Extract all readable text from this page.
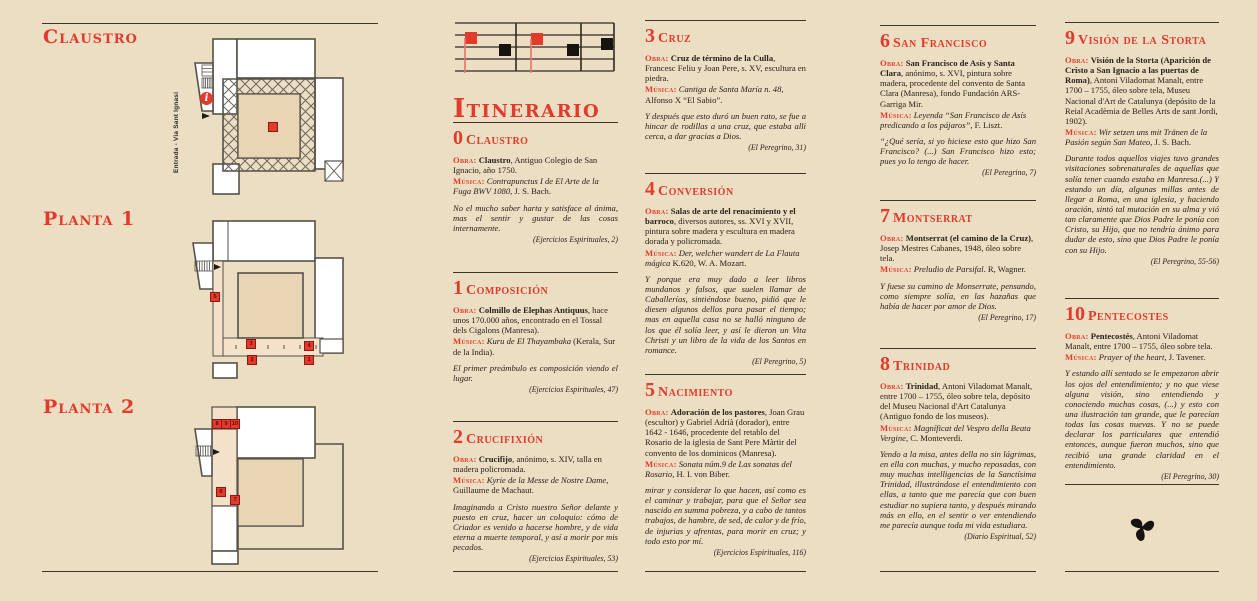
Claustro
i
Entrada - Via Sant Ignasi
Planta 1
Planta 2
5
3	4
2	1
8	9 10
6
7
Itinerario
0 Claustro

Obra: Claustro, Antiguo Colegio de San Ignacio, año 1750.

Música: Contrapunctus I de El Arte de la Fuga BWV 1080, J. S. Bach.

No el mucho saber harta y satisface al ánima, mas el sentir y gustar de las cosas internamente.

(Ejercicios Espirituales, 2)

1 Composición

Obra: Colmillo de Elephas Antiquus, hace unos 170.000 años, encontrado en el Tossal dels Cigalons (Manresa).

Música: Kuru de El Thayambaka (Kerala, Sur de la India).

El primer preámbulo es composición viendo el lugar.

(Ejercicios Espirituales, 47)

2 Crucifixión

Obra: Crucifijo, anónimo, s. XIV, talla en madera policromada.

Música: Kyrie de la Messe de Nostre Dame, Guillaume de Machaut.

Imaginando a Cristo nuestro Señor delante y puesto en cruz, hacer un coloquio: cómo de Criador es venido a hacerse hombre, y de vida eterna a muerte temporal, y así a morir por mis pecados.

(Ejercicios Espirituales, 53)

3 Cruz

Obra: Cruz de término de la Culla, Francesc Feliu y Joan Pere, s. XV, escultura en piedra.

Música: Cantiga de Santa María n. 48, Alfonso X “El Sabio”.

Y después que esto duró un buen rato, se fue a hincar de rodillas a una cruz, que estaba allí cerca, a dar gracias a Dios.

(El Peregrino, 31)

4 Conversión

Obra: Salas de arte del renacimiento y el barroco, diversos autores, ss. XVI y XVII, pintura sobre madera y escultura en madera dorada y policromada.

Música: Der, welcher wandert de La Flauta mágica K.620, W. A. Mozart.

Y porque era muy dado a leer libros mundanos y falsos, que suelen llamar de Caballerías, sintiéndose bueno, pidió que le diesen algunos dellos para pasar el tiempo; mas en aquella casa no se halló ninguno de los que él solía leer, y así le dieron un Vita Christi y un libro de la vida de los Santos en romance.

(El Peregrino, 5)

5 Nacimiento

Obra: Adoración de los pastores, Joan Grau (escultor) y Gabriel Adrià (dorador), entre 1642 - 1646, procedente del retablo del Rosario de la iglesia de Sant Pere Màrtir del convento de los dominicos (Manresa).

Música: Sonata núm.9 de Las sonatas del Rosario, H. I. von Biber.

mirar y considerar lo que hacen, así como es el caminar y trabajar, para que el Señor sea nascido en summa pobreza, y a cabo de tantos trabajos, de hambre, de sed, de calor y de frío, de injurias y afrentas, para morir en cruz; y todo esto por mí.

(Ejercicios Espirituales, 116)

6 San Francisco

Obra: San Francisco de Asís y Santa Clara, anónimo, s. XVI, pintura sobre madera, procedente del convento de Santa Clara (Manresa), fondo Fundación ARS-Garriga Mir.

Música: Leyenda “San Francisco de Asís predicando a los pájaros”, F. Liszt.

“¿Qué sería, si yo hiciese esto que hizo San Francisco? (...) San Francisco hizo esto; pues yo lo tengo de hacer.

(El Peregrino, 7)

7 Montserrat

Obra: Montserrat (el camino de la Cruz), Josep Mestres Cabanes, 1948, óleo sobre tela.

Música: Preludio de Parsifal. R, Wagner.

Y fuese su camino de Monserrate, pensando, como siempre solía, en las hazañas que había de hacer por amor de Dios.

(El Peregrino, 17)

8 Trinidad

Obra: Trinidad, Antoni Viladomat Manalt, entre 1700 – 1755, óleo sobre tela, depósito del Museu Nacional d'Art Catalunya (Antiguo fondo de los museos).

Música: Magníficat del Vespro della Beata Vergine, C. Monteverdi.

Yendo a la misa, antes della no sin lágrimas, en ella con muchas, y mucho reposadas, con muy muchas intelligencias de la Sanctísima Trinidad, illustrándose el entendimiento con ellas, a tanto que me parecía que con buen estudiar no supiera tanto, y después mirando más en ello, en el sentir o ver entendiendo me parecía aunque toda mi vida estudiara.

(Diario Espiritual, 52)

9 Visión de la Storta

Obra: Visión de la Storta (Aparición de Cristo a San Ignacio a las puertas de Roma), Antoni Viladomat Manalt, entre 1700 – 1755, óleo sobre tela, Museu Nacional d'Art de Catalunya (depósito de la Reial Acadèmia de Belles Arts de sant Jordi, 1902).

Música: Wir setzen uns mit Tränen de la Pasión según San Mateo, J. S. Bach.

Durante todos aquellos viajes tuvo grandes visitaciones sobrenaturales de aquellas que solía tener cuando estaba en Manresa.(...) Y estando un día, algunas millas antes de llegar a Roma, en una iglesia, y haciendo oración, sintó tal mutación en su alma y vió tan claramente que Dios Padre le ponía con Cristo, su Hijo, que no tendría ánimo para dudar de esto, sino que Dios Padre le ponía con su Hijo.

(El Peregrino, 55-56)

10 Pentecostes

Obra: Pentecostés, Antoni Viladomat Manalt, entre 1700 – 1755, óleo sobre tela.

Música: Prayer of the heart, J. Tavener.

Y estando allí sentado se le empezaron abrir los ojos del entendimiento; y no que viese alguna visión, sino entendiendo y conociendo muchas cosas, (...) y esto con una ilustración tan grande, que le parecían todas las cosas nuevas. Y no se puede declarar los particulares que entendió entonces, aunque fueron muchos, sino que recibió una grande claridad en el entendimiento.

(El Peregrino, 30)
